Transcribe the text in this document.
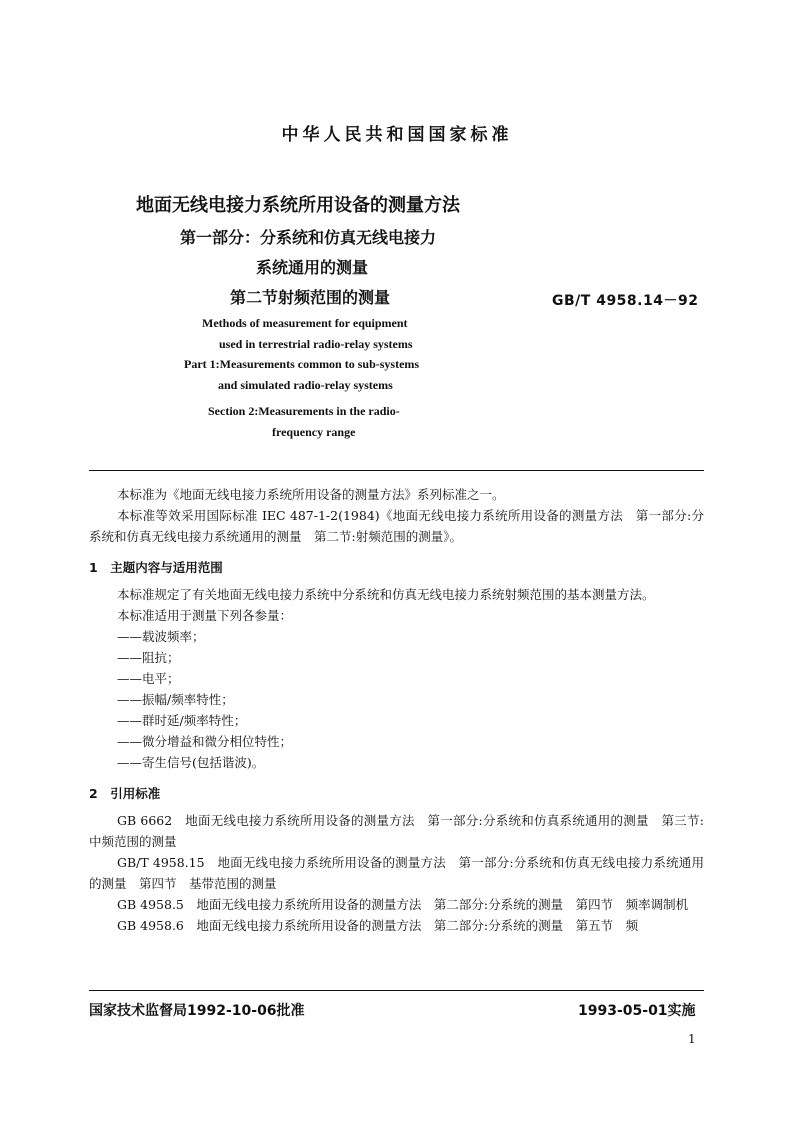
中华人民共和国国家标准
地面无线电接力系统所用设备的测量方法
第一部分：分系统和仿真无线电接力
系统通用的测量
第二节射频范围的测量	GB/T 4958.14－92
Methods of measurement for equipment
used in terrestrial radio-relay systems
Part 1:Measurements common to sub-systems
and simulated radio-relay systems
Section 2:Measurements in the radio-
frequency range

本标准为《地面无线电接力系统所用设备的测量方法》系列标准之一。

本标准等效采用国际标准 IEC 487-1-2(1984)《地面无线电接力系统所用设备的测量方法　第一部分:分系统和仿真无线电接力系统通用的测量　第二节:射频范围的测量》。

1　主题内容与适用范围

本标准规定了有关地面无线电接力系统中分系统和仿真无线电接力系统射频范围的基本测量方法。

本标准适用于测量下列各参量：

——载波频率；

——阻抗；

——电平；

——振幅/频率特性；

——群时延/频率特性；

——微分增益和微分相位特性；

——寄生信号(包括谐波)。

2　引用标准

GB 6662　地面无线电接力系统所用设备的测量方法　第一部分:分系统和仿真系统通用的测量　第三节:中频范围的测量

GB/T 4958.15　地面无线电接力系统所用设备的测量方法　第一部分:分系统和仿真无线电接力系统通用的测量　第四节　基带范围的测量

GB 4958.5　地面无线电接力系统所用设备的测量方法　第二部分:分系统的测量　第四节　频率调制机

GB 4958.6　地面无线电接力系统所用设备的测量方法　第二部分:分系统的测量　第五节　频

国家技术监督局1992-10-06批准	1993-05-01实施
1
